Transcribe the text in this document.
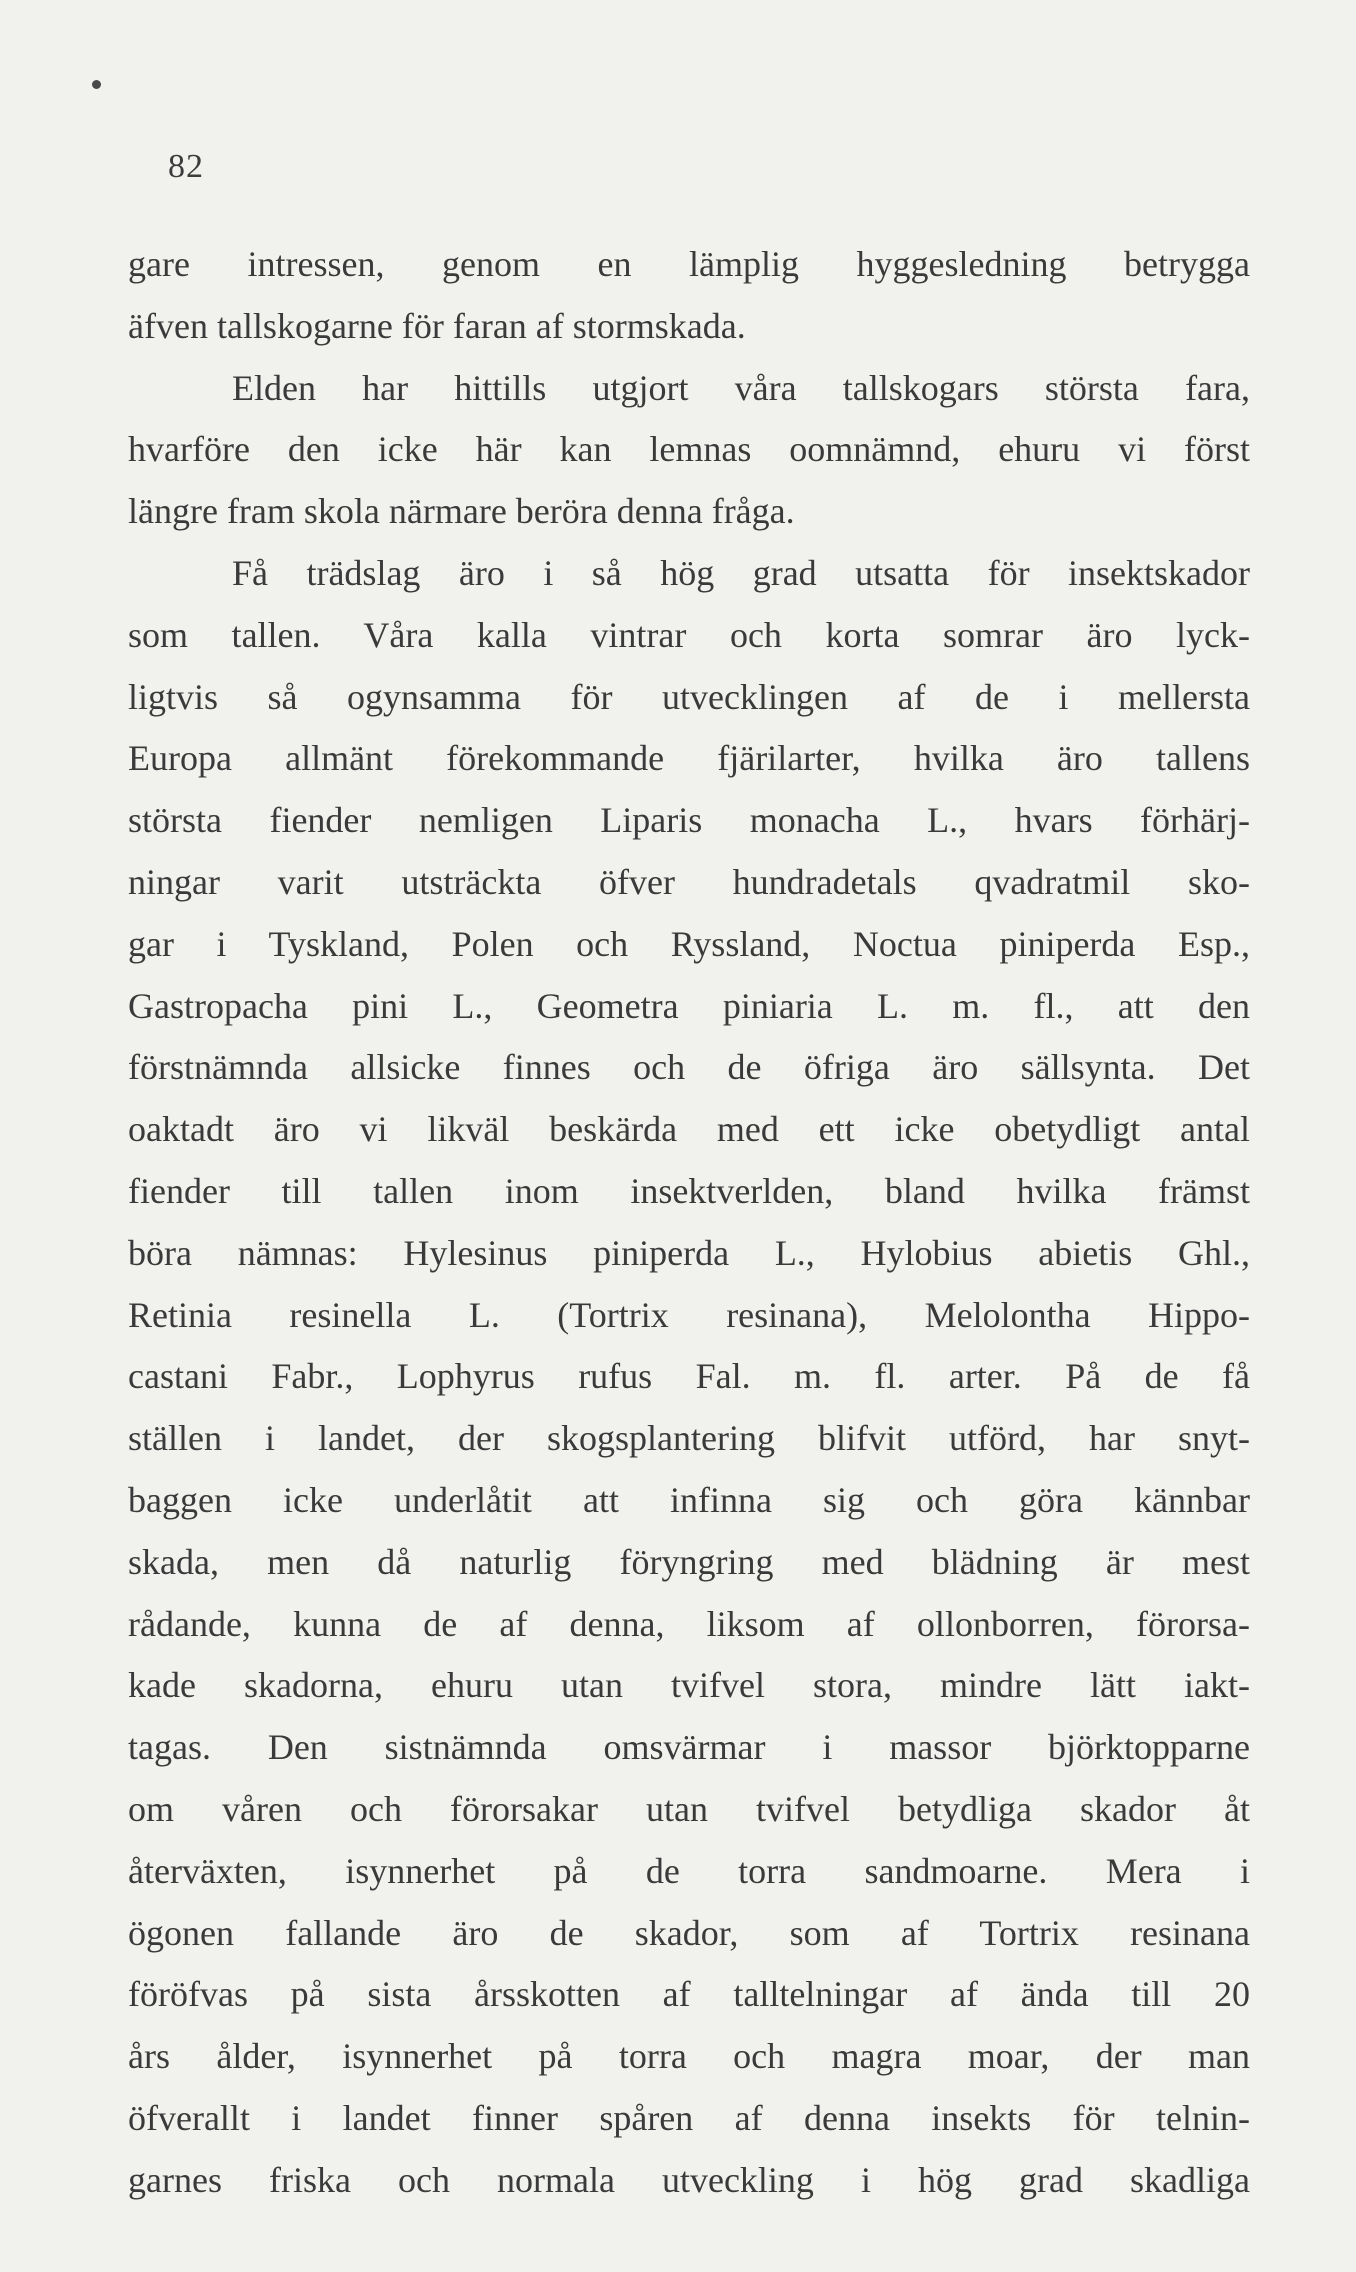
82
gare intressen, genom en lämplig hyggesledning betrygga
äfven tallskogarne för faran af stormskada.
Elden har hittills utgjort våra tallskogars största fara,
hvarföre den icke här kan lemnas oomnämnd, ehuru vi först
längre fram skola närmare beröra denna fråga.
Få trädslag äro i så hög grad utsatta för insektskador
som tallen. Våra kalla vintrar och korta somrar äro lyck-
ligtvis så ogynsamma för utvecklingen af de i mellersta
Europa allmänt förekommande fjärilarter, hvilka äro tallens
största fiender nemligen Liparis monacha L., hvars förhärj-
ningar varit utsträckta öfver hundradetals qvadratmil sko-
gar i Tyskland, Polen och Ryssland, Noctua piniperda Esp.,
Gastropacha pini L., Geometra piniaria L. m. fl., att den
förstnämnda allsicke finnes och de öfriga äro sällsynta. Det
oaktadt äro vi likväl beskärda med ett icke obetydligt antal
fiender till tallen inom insektverlden, bland hvilka främst
böra nämnas: Hylesinus piniperda L., Hylobius abietis Ghl.,
Retinia resinella L. (Tortrix resinana), Melolontha Hippo-
castani Fabr., Lophyrus rufus Fal. m. fl. arter. På de få
ställen i landet, der skogsplantering blifvit utförd, har snyt-
baggen icke underlåtit att infinna sig och göra kännbar
skada, men då naturlig föryngring med blädning är mest
rådande, kunna de af denna, liksom af ollonborren, förorsa-
kade skadorna, ehuru utan tvifvel stora, mindre lätt iakt-
tagas. Den sistnämnda omsvärmar i massor björktopparne
om våren och förorsakar utan tvifvel betydliga skador åt
återväxten, isynnerhet på de torra sandmoarne. Mera i
ögonen fallande äro de skador, som af Tortrix resinana
föröfvas på sista årsskotten af talltelningar af ända till 20
års ålder, isynnerhet på torra och magra moar, der man
öfverallt i landet finner spåren af denna insekts för telnin-
garnes friska och normala utveckling i hög grad skadliga
